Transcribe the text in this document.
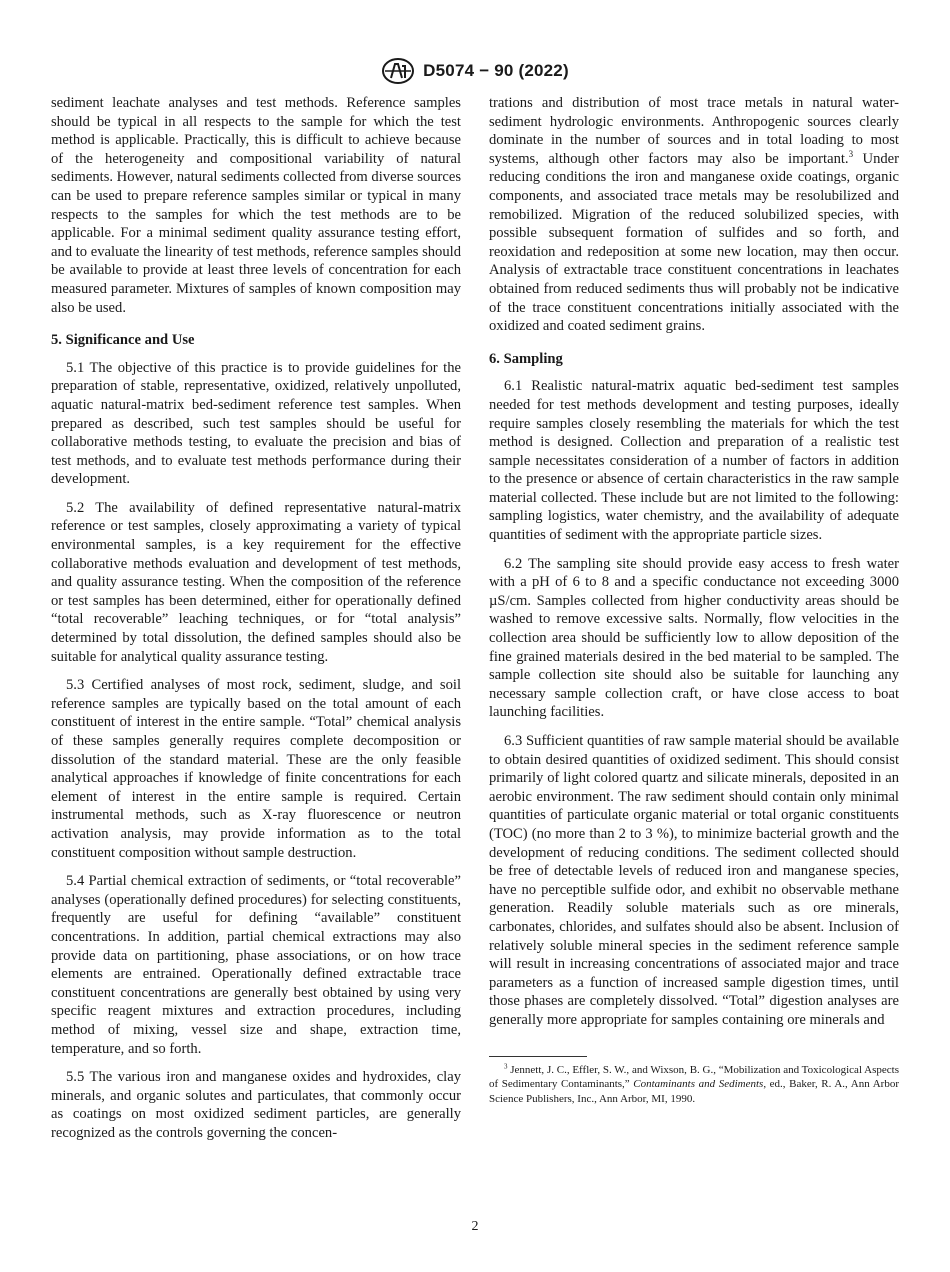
D5074 − 90 (2022)

sediment leachate analyses and test methods. Reference samples should be typical in all respects to the sample for which the test method is applicable. Practically, this is difficult to achieve because of the heterogeneity and compositional variability of natural sediments. However, natural sediments collected from diverse sources can be used to prepare reference samples similar or typical in many respects to the samples for which the test methods are to be applicable. For a minimal sediment quality assurance testing effort, and to evaluate the linearity of test methods, reference samples should be available to provide at least three levels of concentration for each measured parameter. Mixtures of samples of known composition may also be used.

5. Significance and Use

5.1 The objective of this practice is to provide guidelines for the preparation of stable, representative, oxidized, relatively unpolluted, aquatic natural-matrix bed-sediment reference test samples. When prepared as described, such test samples should be useful for collaborative methods testing, to evaluate the precision and bias of test methods, and to evaluate test methods performance during their development.

5.2 The availability of defined representative natural-matrix reference or test samples, closely approximating a variety of typical environmental samples, is a key requirement for the effective collaborative methods evaluation and development of test methods, and quality assurance testing. When the composition of the reference or test samples has been determined, either for operationally defined “total recoverable” leaching techniques, or for “total analysis” determined by total dissolution, the defined samples should also be suitable for analytical quality assurance testing.

5.3 Certified analyses of most rock, sediment, sludge, and soil reference samples are typically based on the total amount of each constituent of interest in the entire sample. “Total” chemical analysis of these samples generally requires complete decomposition or dissolution of the standard material. These are the only feasible analytical approaches if knowledge of finite concentrations for each element of interest in the entire sample is required. Certain instrumental methods, such as X-ray fluorescence or neutron activation analysis, may provide information as to the total constituent composition without sample destruction.

5.4 Partial chemical extraction of sediments, or “total recoverable” analyses (operationally defined procedures) for selecting constituents, frequently are useful for defining “available” constituent concentrations. In addition, partial chemical extractions may also provide data on partitioning, phase associations, or on how trace elements are entrained. Operationally defined extractable trace constituent concentrations are generally best obtained by using very specific reagent mixtures and extraction procedures, including method of mixing, vessel size and shape, extraction time, temperature, and so forth.

5.5 The various iron and manganese oxides and hydroxides, clay minerals, and organic solutes and particulates, that commonly occur as coatings on most oxidized sediment particles, are generally recognized as the controls governing the concen-

trations and distribution of most trace metals in natural water-sediment hydrologic environments. Anthropogenic sources clearly dominate in the number of sources and in total loading to most systems, although other factors may also be important.$^3$ Under reducing conditions the iron and manganese oxide coatings, organic components, and associated trace metals may be resolubilized and remobilized. Migration of the reduced solubilized species, with possible subsequent formation of sulfides and so forth, and reoxidation and redeposition at some new location, may then occur. Analysis of extractable trace constituent concentrations in leachates obtained from reduced sediments thus will probably not be indicative of the trace constituent concentrations initially associated with the oxidized and coated sediment grains.

6. Sampling

6.1 Realistic natural-matrix aquatic bed-sediment test samples needed for test methods development and testing purposes, ideally require samples closely resembling the materials for which the test method is designed. Collection and preparation of a realistic test sample necessitates consideration of a number of factors in addition to the presence or absence of certain characteristics in the raw sample material collected. These include but are not limited to the following: sampling logistics, water chemistry, and the availability of adequate quantities of sediment with the appropriate particle sizes.

6.2 The sampling site should provide easy access to fresh water with a pH of 6 to 8 and a specific conductance not exceeding 3000 µS/cm. Samples collected from higher conductivity areas should be washed to remove excessive salts. Normally, flow velocities in the collection area should be sufficiently low to allow deposition of the fine grained materials desired in the bed material to be sampled. The sample collection site should also be suitable for launching any necessary sample collection craft, or have close access to boat launching facilities.

6.3 Sufficient quantities of raw sample material should be available to obtain desired quantities of oxidized sediment. This should consist primarily of light colored quartz and silicate minerals, deposited in an aerobic environment. The raw sediment should contain only minimal quantities of particulate organic material or total organic constituents (TOC) (no more than 2 to 3 %), to minimize bacterial growth and the development of reducing conditions. The sediment collected should be free of detectable levels of reduced iron and manganese species, have no perceptible sulfide odor, and exhibit no observable methane generation. Readily soluble materials such as ore minerals, carbonates, chlorides, and sulfates should also be absent. Inclusion of relatively soluble mineral species in the sediment reference sample will result in increasing concentrations of associated major and trace parameters as a function of increased sample digestion times, until those phases are completely dissolved. “Total” digestion analyses are generally more appropriate for samples containing ore minerals and

$^3$ Jennett, J. C., Effler, S. W., and Wixson, B. G., “Mobilization and Toxicological Aspects of Sedimentary Contaminants,” Contaminants and Sediments, ed., Baker, R. A., Ann Arbor Science Publishers, Inc., Ann Arbor, MI, 1990.

2
